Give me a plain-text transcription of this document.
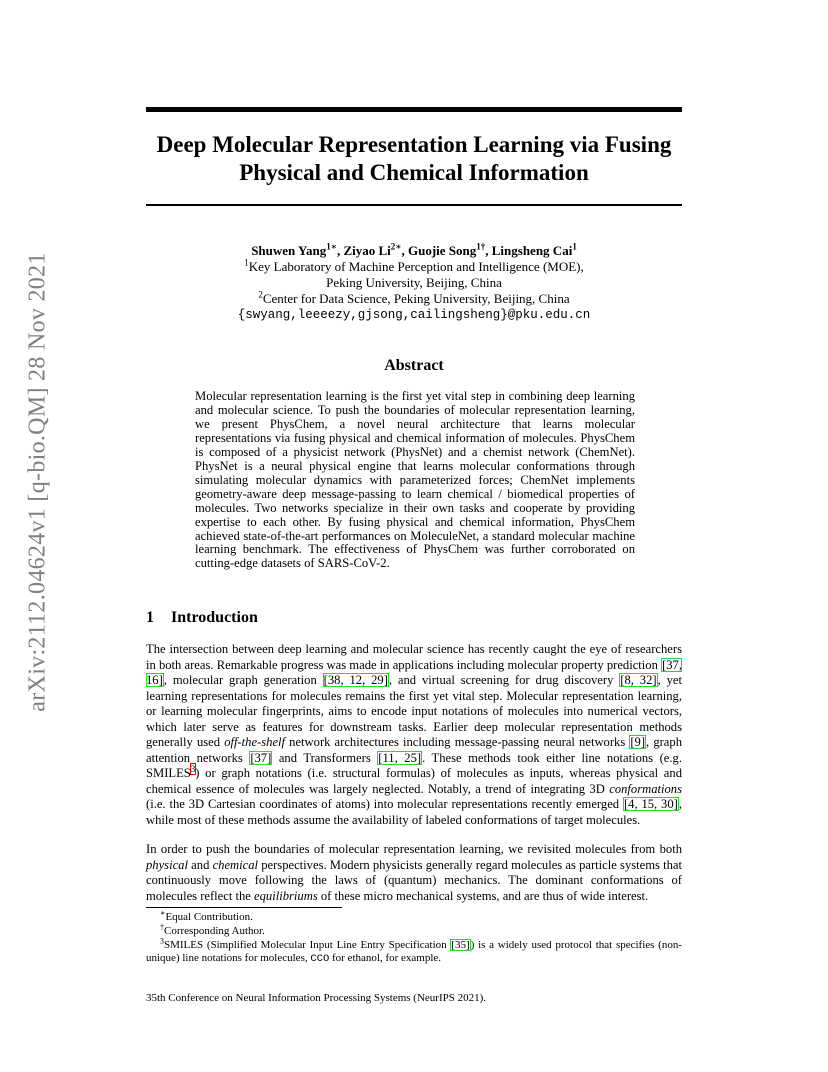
arXiv:2112.04624v1 [q-bio.QM] 28 Nov 2021
Deep Molecular Representation Learning via Fusing
Physical and Chemical Information
Shuwen Yang$^{1∗}$, Ziyao $Li^{2∗}$, Guojie Song$^{1\dagger}$, Lingsheng Cai$^1$
$^1$Key Laboratory of Machine Perception and Intelligence (MOE),
Peking University, Beijing, China
$^2$Center for Data Science, Peking University, Beijing, China
{swyang,leeeezy,gjsong,cailingsheng}@pku.edu.cn
Abstract

Molecular representation learning is the first yet vital step in combining deep learning and molecular science. To push the boundaries of molecular representation learning, we present PhysChem, a novel neural architecture that learns molecular representations via fusing physical and chemical information of molecules. PhysChem is composed of a physicist network (PhysNet) and a chemist network (ChemNet). PhysNet is a neural physical engine that learns molecular conformations through simulating molecular dynamics with parameterized forces; ChemNet implements geometry-aware deep message-passing to learn chemical / biomedical properties of molecules. Two networks specialize in their own tasks and cooperate by providing expertise to each other. By fusing physical and chemical information, PhysChem achieved state-of-the-art performances on MoleculeNet, a standard molecular machine learning benchmark. The effectiveness of PhysChem was further corroborated on cutting-edge datasets of SARS-CoV-2.

1 Introduction

The intersection between deep learning and molecular science has recently caught the eye of researchers in both areas. Remarkable progress was made in applications including molecular property prediction [37, 16], molecular graph generation [38, 12, 29], and virtual screening for drug discovery [8, 32], yet learning representations for molecules remains the first yet vital step. Molecular representation learning, or learning molecular fingerprints, aims to encode input notations of molecules into numerical vectors, which later serve as features for downstream tasks. Earlier deep molecular representation methods generally used off-the-shelf network architectures including message-passing neural networks [9], graph attention networks [37] and Transformers [11, 25]. These methods took either line notations (e.g. SMILES$^3$) or graph notations (i.e. structural formulas) of molecules as inputs, whereas physical and chemical essence of molecules was largely neglected. Notably, a trend of integrating 3D conformations (i.e. the 3D Cartesian coordinates of atoms) into molecular representations recently emerged [4, 15, 30], while most of these methods assume the availability of labeled conformations of target molecules.

In order to push the boundaries of molecular representation learning, we revisited molecules from both physical and chemical perspectives. Modern physicists generally regard molecules as particle systems that continuously move following the laws of (quantum) mechanics. The dominant conformations of molecules reflect the equilibriums of these micro mechanical systems, and are thus of wide interest.

∗Equal Contribution.

†Corresponding Author.

$^3$SMILES (Simplified Molecular Input Line Entry Specification [35]) is a widely used protocol that specifies (non-unique) line notations for molecules, CCO for ethanol, for example.

35th Conference on Neural Information Processing Systems (NeurIPS 2021).
